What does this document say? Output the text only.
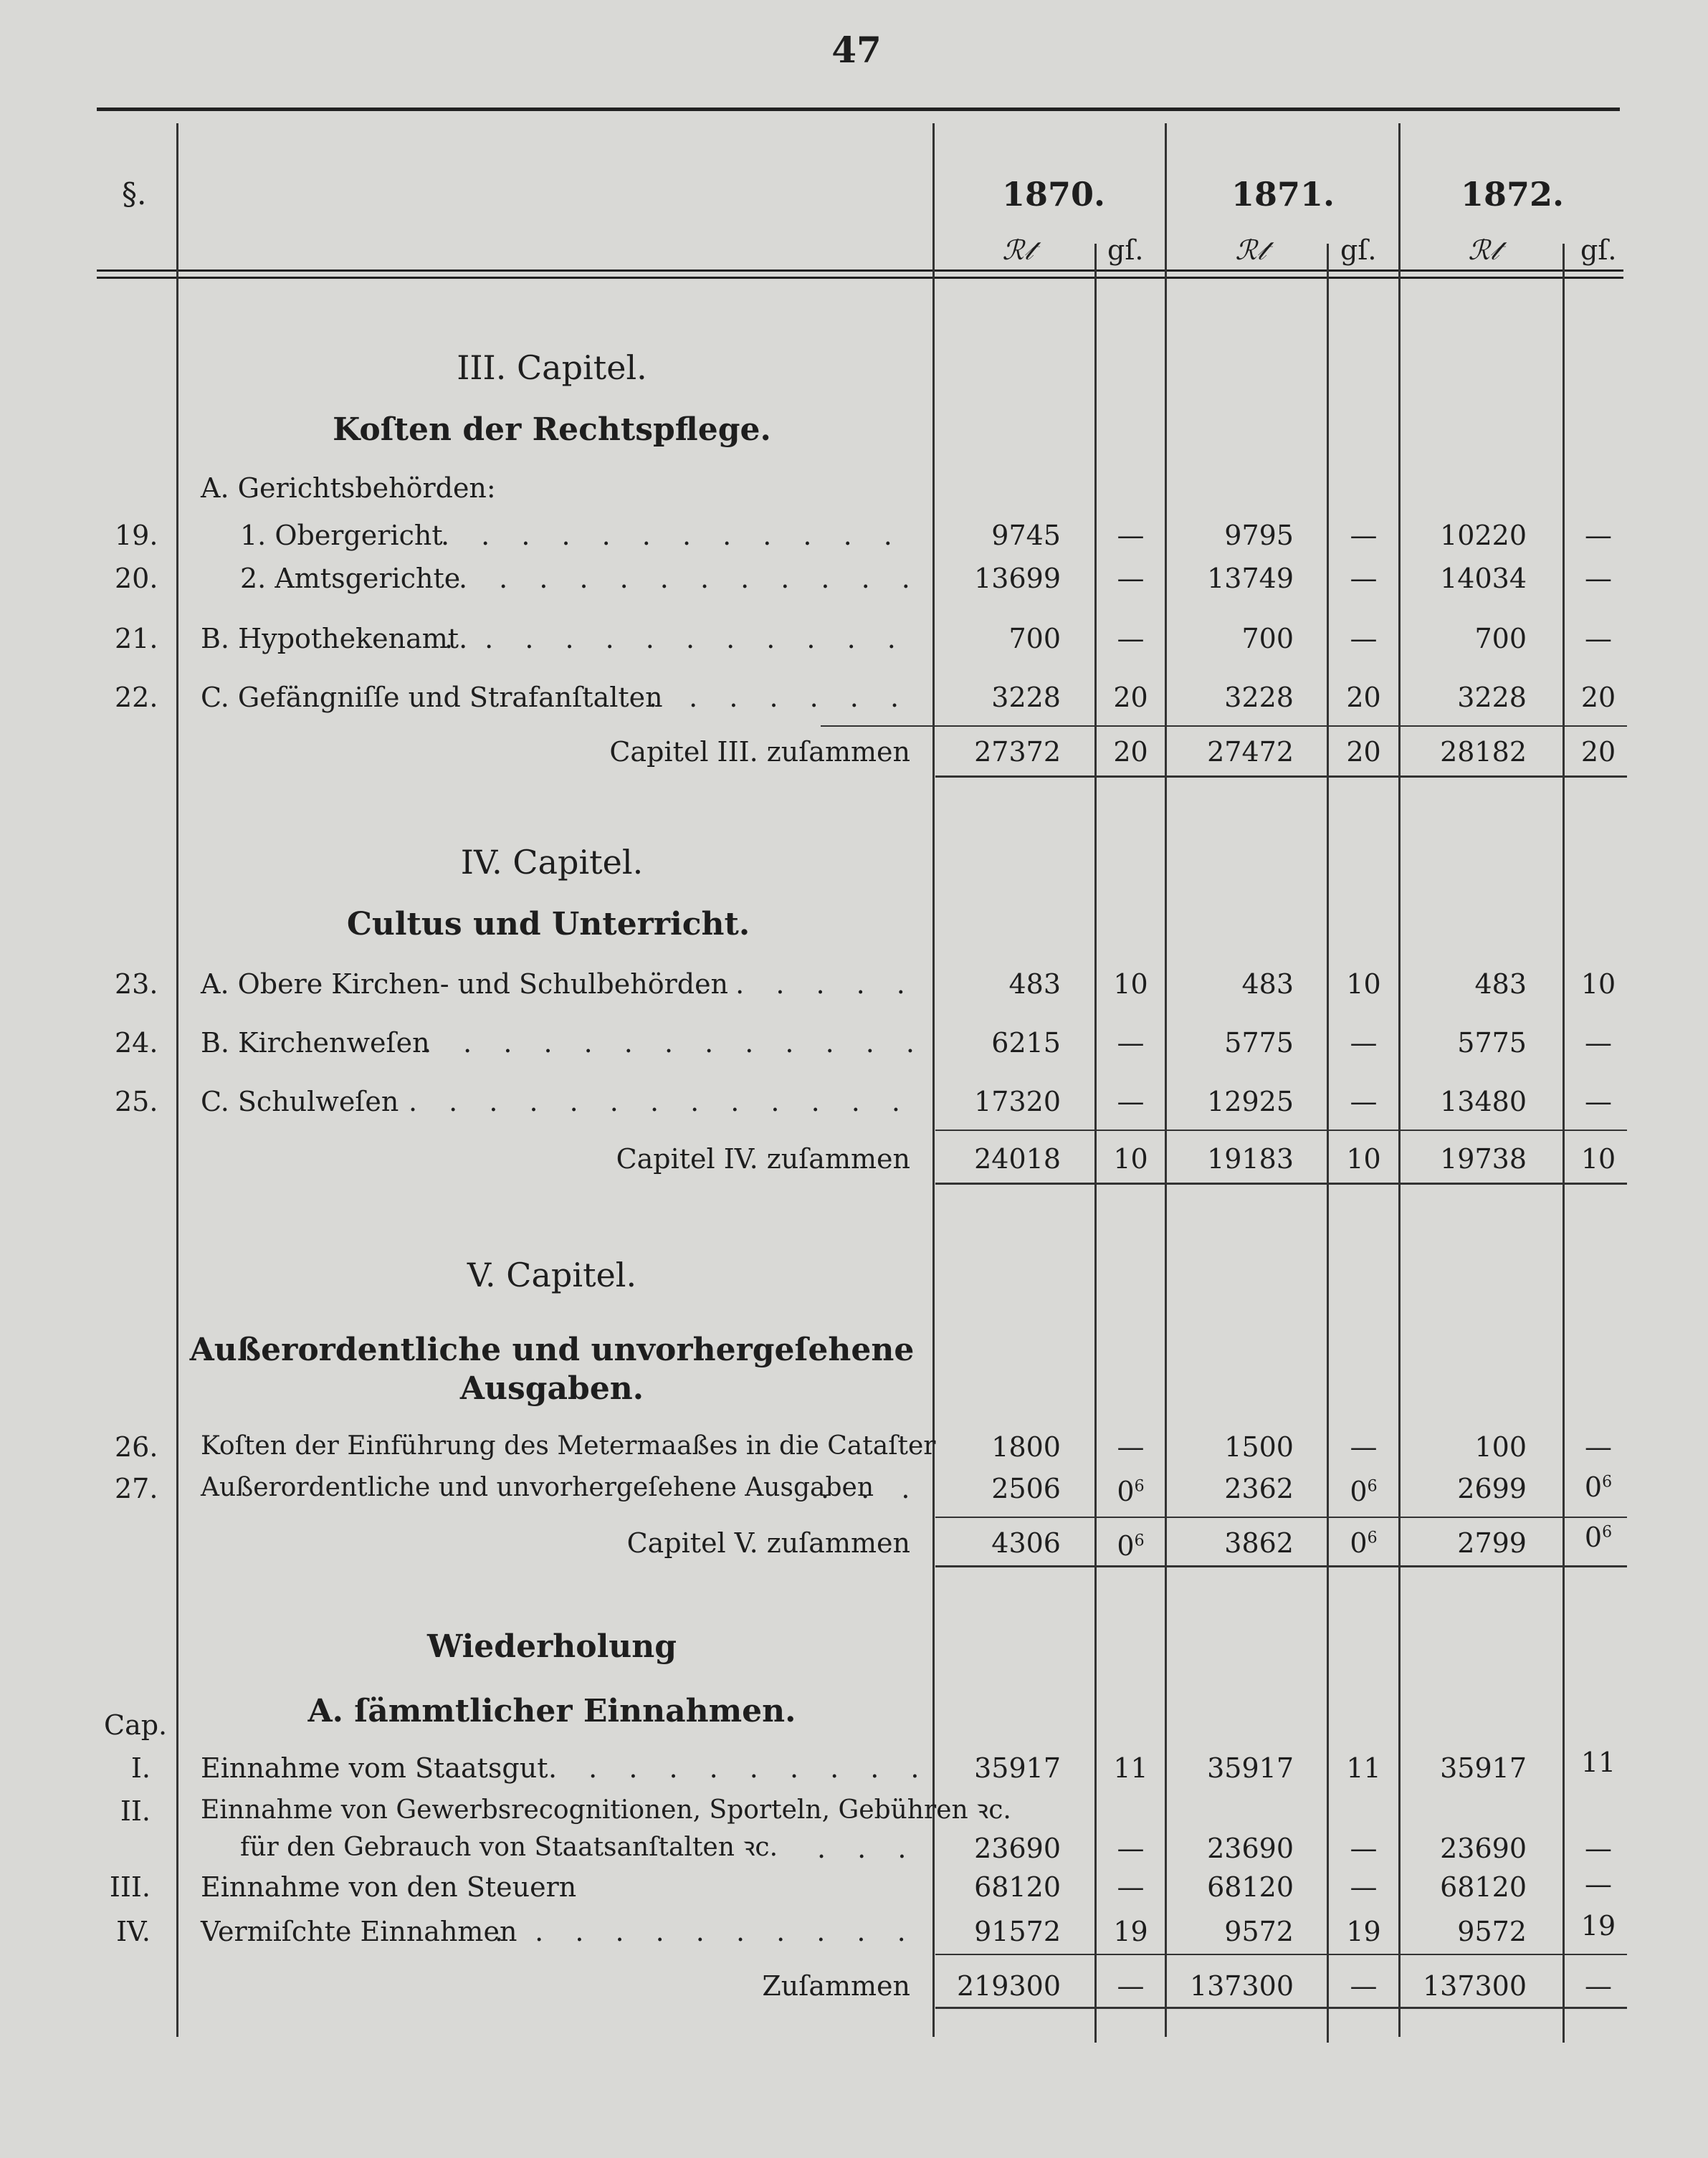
47
§.	1870.	1871.	1872.
ℛ𝓉	gſ.	ℛ𝓉	gſ.	ℛ𝓉	gſ.
III. Capitel.
Koſten der Rechtspflege.
A. Gerichtsbehörden:
19.	1. Obergericht . . .	9745	—	9795	—	10220	—
20.	2. Amtsgerichte . . .	13699	—	13749	—	14034	—
21. B. Hypothekenamt. . . .	700	—	700	—	700	—
22. C. Gefängniſſe und Strafanſtalten . . .	3228	20	3228	20	3228	20
Capitel III. zuſammen	27372	20	27472	20	28182	20
IV. Capitel.
Cultus und Unterricht.
23. A. Obere Kirchen- und Schulbehörden . . .	483	10	483	10	483	10
24. B. Kirchenweſen . . .	6215	—	5775	—	5775	—
25. C. Schulweſen . . .	17320	—	12925	—	13480	—
Capitel IV. zuſammen	24018	10	19183	10	19738	10
V. Capitel.
Außerordentliche und unvorhergeſehene
Ausgaben.
26. Koſten der Einführung des Metermaaßes in die Cataſter	1800	—	1500	—	100	—
27. Außerordentliche und unvorhergeſehene Ausgaben . . .	2506	$0^6$	2362	$0^6$	2699	$0^6$
Capitel V. zuſammen	4306	$0^6$	3862	$0^6$	2799	$0^6$
Wiederholung
A. ſämmtlicher Einnahmen.
Cap.
I. Einnahme vom Staatsgut . . .	35917	11	35917	11	35917	11
II. Einnahme von Gewerbsrecognitionen, Sporteln, Gebühren ꝛc.
für den Gebrauch von Staatsanſtalten ꝛc. . . .	23690	—	23690	—	23690	—
III. Einnahme von den Steuern	68120	—	68120	—	68120	—
IV. Vermiſchte Einnahmen . . .	91572	19	9572	19	9572	19
Zuſammen	219300	—	137300	—	137300	—
